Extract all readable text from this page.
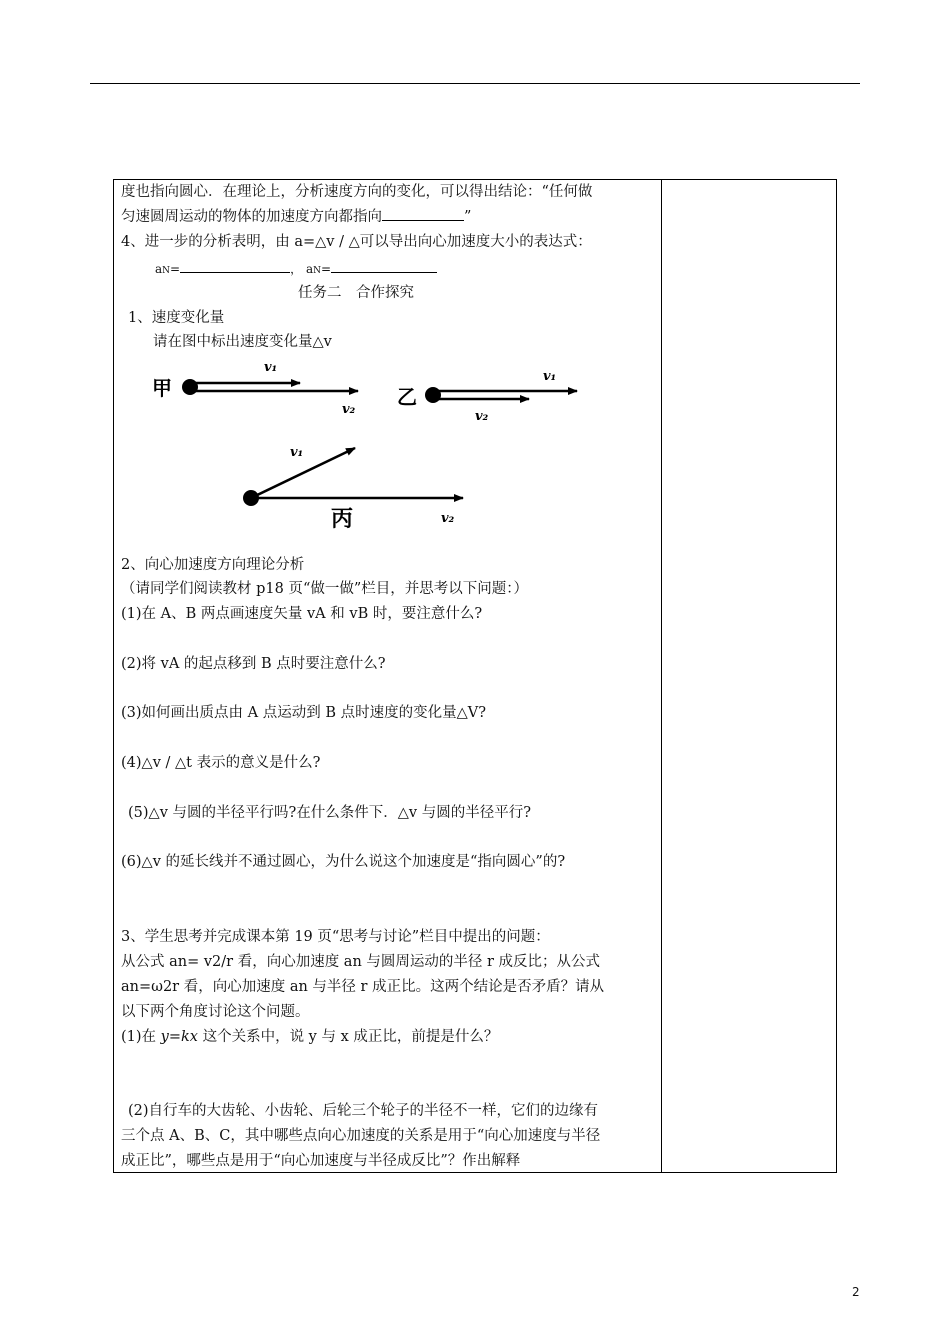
度也指向圆心．在理论上，分析速度方向的变化，可以得出结论：“任何做
匀速圆周运动的物体的加速度方向都指向	”
4、进一步的分析表明，由 a=△v / △可以导出向心加速度大小的表达式：
aN=	， aN=
任务二　合作探究
1、速度变化量
请在图中标出速度变化量△v
甲
v₁
v₂
乙
v₁
v₂
v₁
丙	v₂
2、向心加速度方向理论分析
（请同学们阅读教材 p18 页“做一做”栏目，并思考以下问题：）
(1)在 A、B 两点画速度矢量 vA 和 vB 时，要注意什么?
(2)将 vA 的起点移到 B 点时要注意什么?
(3)如何画出质点由 A 点运动到 B 点时速度的变化量△V?
(4)△v / △t 表示的意义是什么?
(5)△v 与圆的半径平行吗?在什么条件下．△v 与圆的半径平行?
(6)△v 的延长线并不通过圆心，为什么说这个加速度是“指向圆心”的?
3、学生思考并完成课本第 19 页“思考与讨论”栏目中提出的问题：
从公式 an= v2/r 看，向心加速度 an 与圆周运动的半径 r 成反比；从公式
an=ω2r 看，向心加速度 an 与半径 r 成正比。这两个结论是否矛盾？请从
以下两个角度讨论这个问题。
(1)在 y=kx 这个关系中，说 y 与 x 成正比，前提是什么？
(2)自行车的大齿轮、小齿轮、后轮三个轮子的半径不一样，它们的边缘有
三个点 A、B、C，其中哪些点向心加速度的关系是用于“向心加速度与半径
成正比”，哪些点是用于“向心加速度与半径成反比”？作出解释
2
